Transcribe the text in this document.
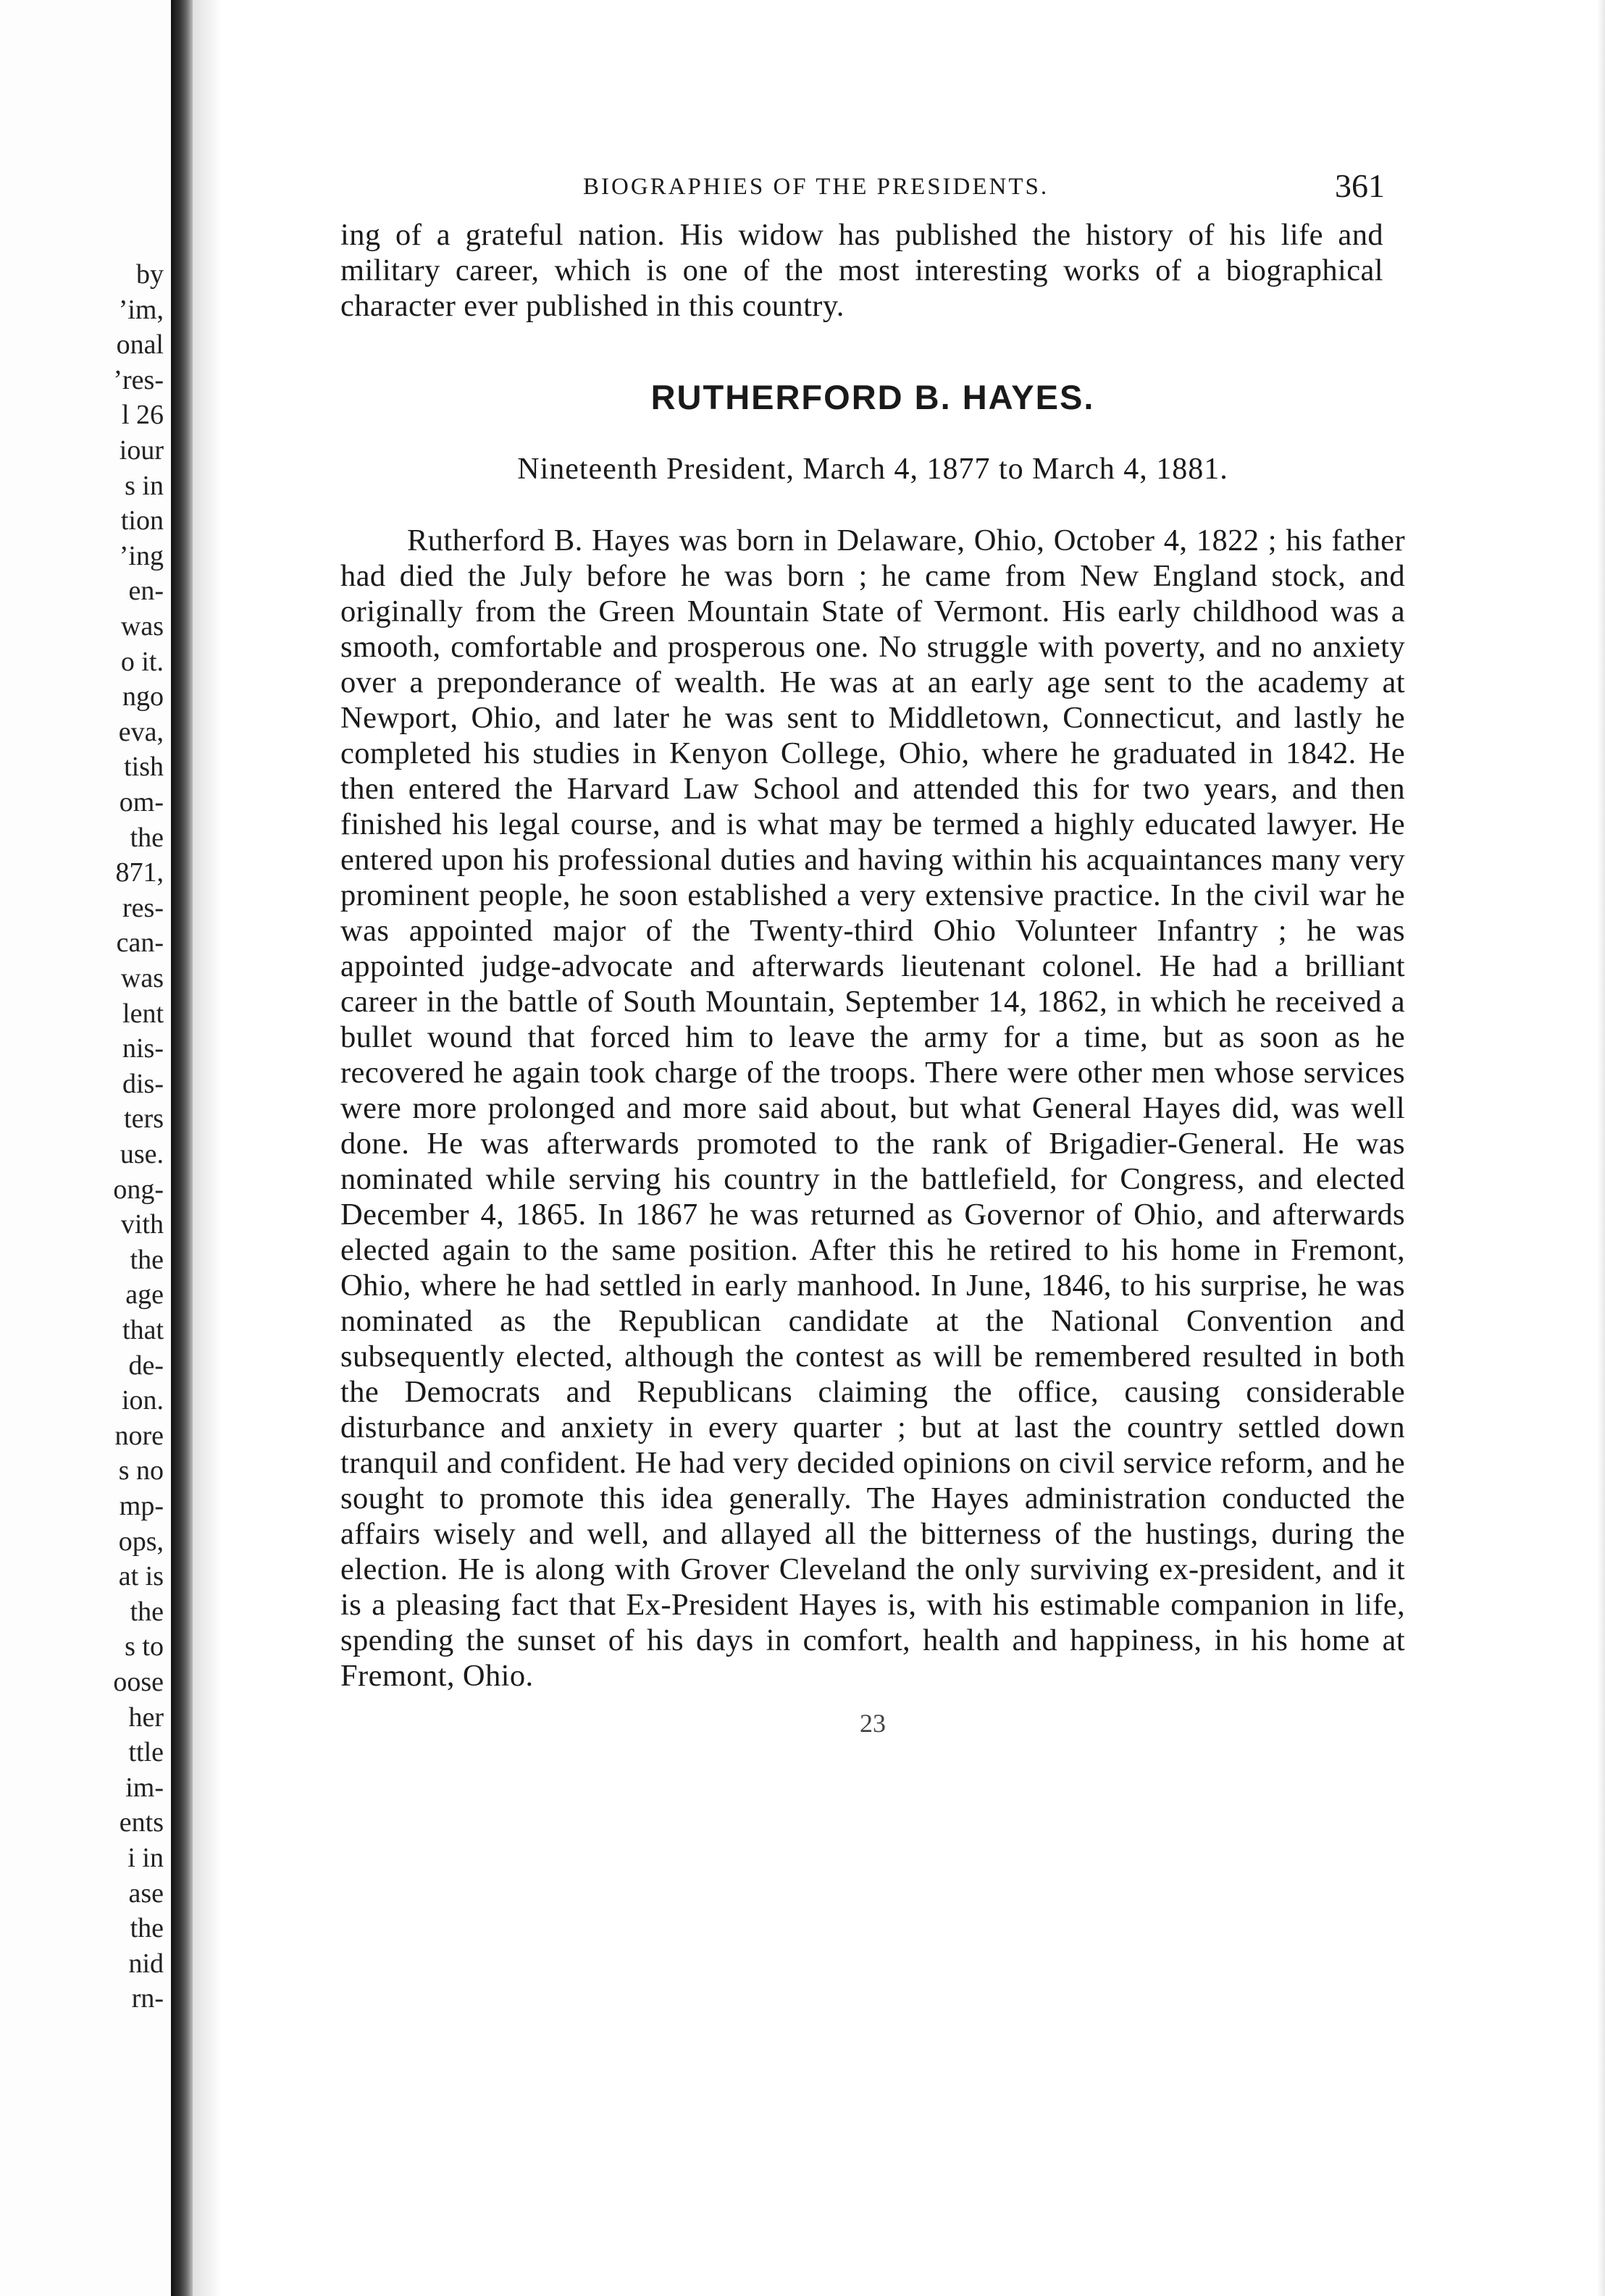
by
’im,
onal
’res-
l 26
iour
s in
tion
’ing
en-
was
o it.
ngo
eva,
tish
om-
the
871,
res-
can-
was
lent
nis-
dis-
ters
use.
ong-
vith
the
age
that
de-
ion.
nore
s no
mp-
ops,
at is
the
s to
oose
her
ttle
im-
ents
i in
ase
the
nid
rn-
BIOGRAPHIES OF THE PRESIDENTS.	361

ing of a grateful nation. His widow has published the history of his life and military career, which is one of the most interesting works of a biographical character ever published in this country.

RUTHERFORD B. HAYES.
Nineteenth President, March 4, 1877 to March 4, 1881.

Rutherford B. Hayes was born in Delaware, Ohio, October 4, 1822 ; his father had died the July before he was born ; he came from New England stock, and originally from the Green Mountain State of Vermont. His early childhood was a smooth, comfortable and prosperous one. No struggle with poverty, and no anxiety over a preponderance of wealth. He was at an early age sent to the academy at Newport, Ohio, and later he was sent to Middletown, Connecticut, and lastly he completed his studies in Kenyon College, Ohio, where he graduated in 1842. He then entered the Harvard Law School and attended this for two years, and then finished his legal course, and is what may be termed a highly educated lawyer. He entered upon his professional duties and having within his acquaintances many very prominent people, he soon established a very extensive practice. In the civil war he was appointed major of the Twenty-third Ohio Volunteer Infantry ; he was appointed judge-advocate and afterwards lieutenant colonel. He had a brilliant career in the battle of South Mountain, September 14, 1862, in which he received a bullet wound that forced him to leave the army for a time, but as soon as he recovered he again took charge of the troops. There were other men whose services were more prolonged and more said about, but what General Hayes did, was well done. He was afterwards promoted to the rank of Brigadier-General. He was nominated while serving his country in the battlefield, for Congress, and elected December 4, 1865. In 1867 he was returned as Governor of Ohio, and afterwards elected again to the same position. After this he retired to his home in Fremont, Ohio, where he had settled in early manhood. In June, 1846, to his surprise, he was nominated as the Republican candidate at the National Convention and subsequently elected, although the contest as will be remembered resulted in both the Democrats and Republicans claiming the office, causing considerable disturbance and anxiety in every quarter ; but at last the country settled down tranquil and confident. He had very decided opinions on civil service reform, and he sought to promote this idea generally. The Hayes administration conducted the affairs wisely and well, and allayed all the bitterness of the hustings, during the election. He is along with Grover Cleveland the only surviving ex-president, and it is a pleasing fact that Ex-President Hayes is, with his estimable companion in life, spending the sunset of his days in comfort, health and happiness, in his home at Fremont, Ohio.

23
